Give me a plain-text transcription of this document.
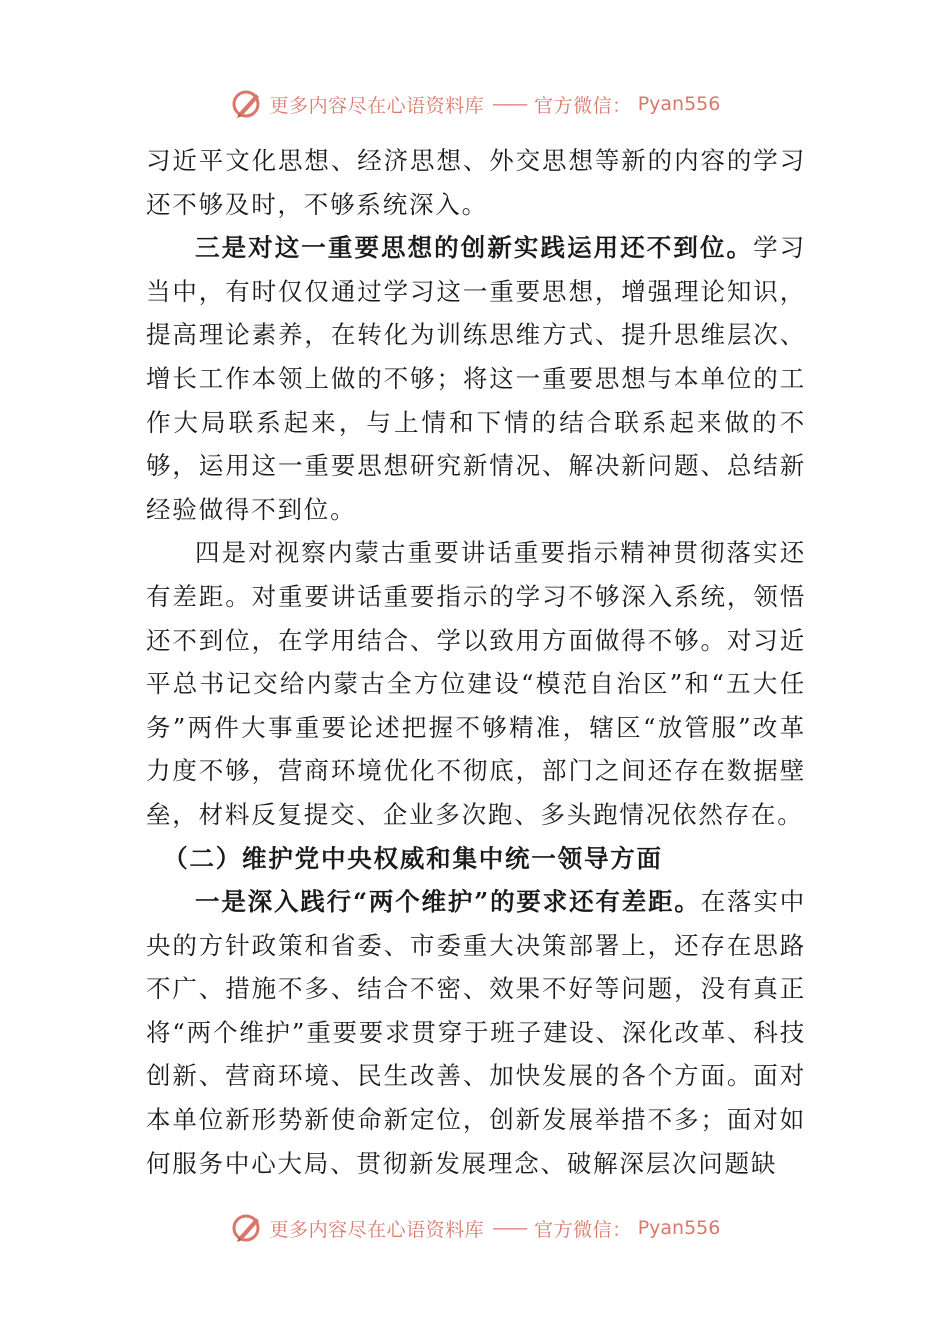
更多内容尽在心语资料库 —— 官方微信： Pyan556

习近平文化思想、经济思想、外交思想等新的内容的学习还不够及时，不够系统深入。

三是对这一重要思想的创新实践运用还不到位。学习当中，有时仅仅通过学习这一重要思想，增强理论知识，提高理论素养，在转化为训练思维方式、提升思维层次、增长工作本领上做的不够；将这一重要思想与本单位的工作大局联系起来，与上情和下情的结合联系起来做的不够，运用这一重要思想研究新情况、解决新问题、总结新经验做得不到位。

四是对视察内蒙古重要讲话重要指示精神贯彻落实还有差距。对重要讲话重要指示的学习不够深入系统，领悟还不到位，在学用结合、学以致用方面做得不够。对习近平总书记交给内蒙古全方位建设“模范自治区”和“五大任务”两件大事重要论述把握不够精准，辖区“放管服”改革力度不够，营商环境优化不彻底，部门之间还存在数据壁垒，材料反复提交、企业多次跑、多头跑情况依然存在。

（二）维护党中央权威和集中统一领导方面

一是深入践行“两个维护”的要求还有差距。在落实中央的方针政策和省委、市委重大决策部署上，还存在思路不广、措施不多、结合不密、效果不好等问题，没有真正将“两个维护”重要要求贯穿于班子建设、深化改革、科技创新、营商环境、民生改善、加快发展的各个方面。面对本单位新形势新使命新定位，创新发展举措不多；面对如何服务中心大局、贯彻新发展理念、破解深层次问题缺

更多内容尽在心语资料库 —— 官方微信： Pyan556
